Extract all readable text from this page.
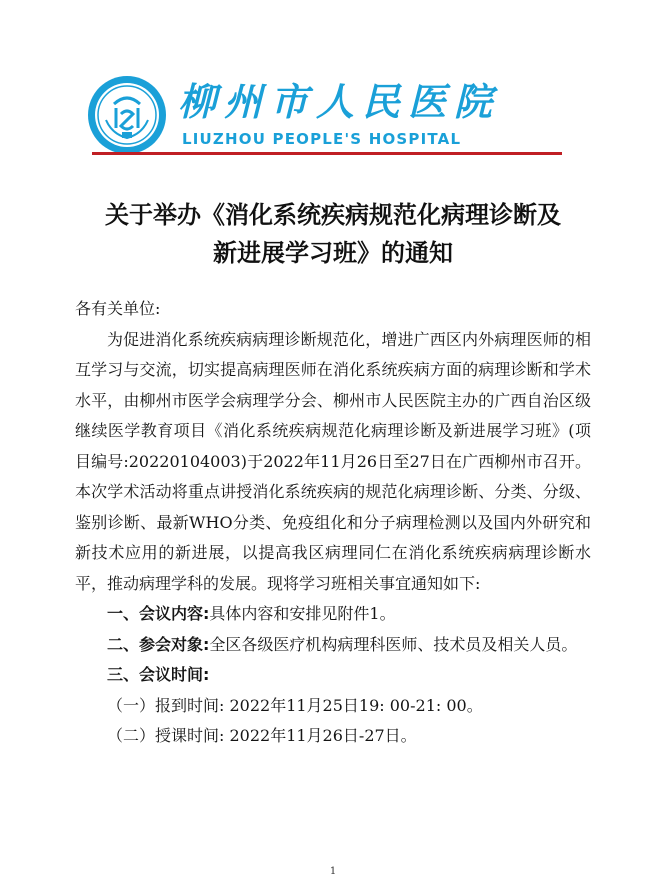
柳州市人民医院
LIUZHOU PEOPLE'S HOSPITAL
关于举办《消化系统疾病规范化病理诊断及
新进展学习班》的通知

各有关单位:

为促进消化系统疾病病理诊断规范化，增进广西区内外病理医师的相互学习与交流，切实提高病理医师在消化系统疾病方面的病理诊断和学术水平，由柳州市医学会病理学分会、柳州市人民医院主办的广西自治区级继续医学教育项目《消化系统疾病规范化病理诊断及新进展学习班》(项目编号:20220104003)于2022年11月26日至27日在广西柳州市召开。本次学术活动将重点讲授消化系统疾病的规范化病理诊断、分类、分级、鉴别诊断、最新WHO分类、免疫组化和分子病理检测以及国内外研究和新技术应用的新进展，以提高我区病理同仁在消化系统疾病病理诊断水平，推动病理学科的发展。现将学习班相关事宜通知如下:

一、会议内容:具体内容和安排见附件1。

二、参会对象:全区各级医疗机构病理科医师、技术员及相关人员。

三、会议时间:

（一）报到时间: 2022年11月25日19: 00-21: 00。

（二）授课时间: 2022年11月26日-27日。

1
